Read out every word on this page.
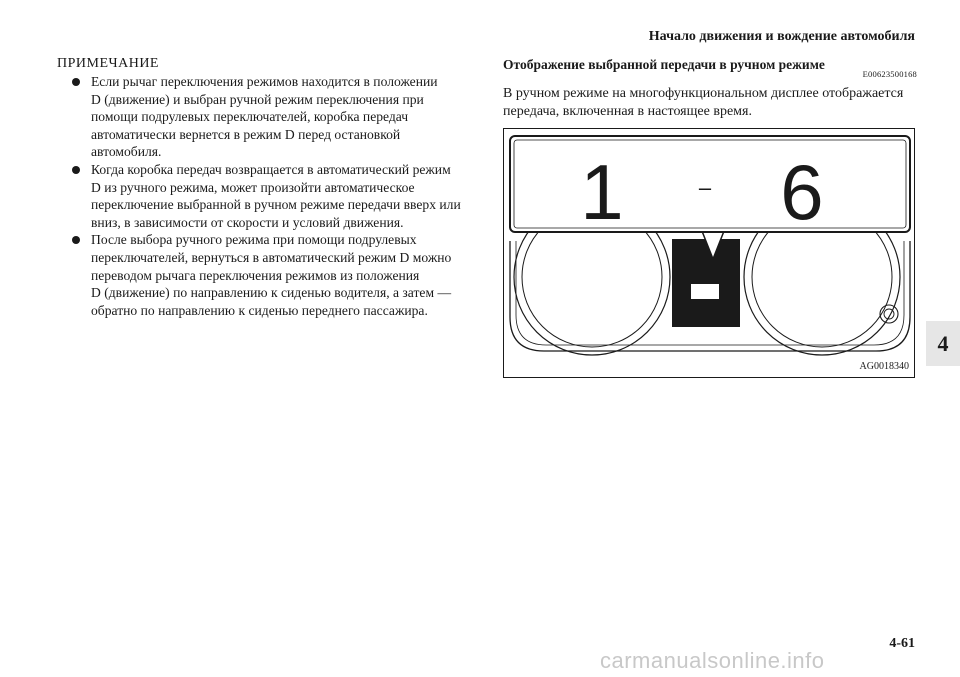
Начало движения и вождение автомобиля
ПРИМЕЧАНИЕ
Если рычаг переключения режимов находится в положении
D (движение) и выбран ручной режим переключения при
помощи подрулевых переключателей, коробка передач
автоматически вернется в режим D перед остановкой
автомобиля.
Когда коробка передач возвращается в автоматический режим
D из ручного режима, может произойти автоматическое
переключение выбранной в ручном режиме передачи вверх или
вниз, в зависимости от скорости и условий движения.
После выбора ручного режима при помощи подрулевых
переключателей, вернуться в автоматический режим D можно
переводом рычага переключения режимов из положения
D (движение) по направлению к сиденью водителя, а затем —
обратно по направлению к сиденью переднего пассажира.
Отображение выбранной передачи в ручном режиме
E00623500168
В ручном режиме на многофункциональном дисплее отображается
передача, включенная в настоящее время.
1	– 6
AG0018340
4
4-61
carmanualsonline.info
